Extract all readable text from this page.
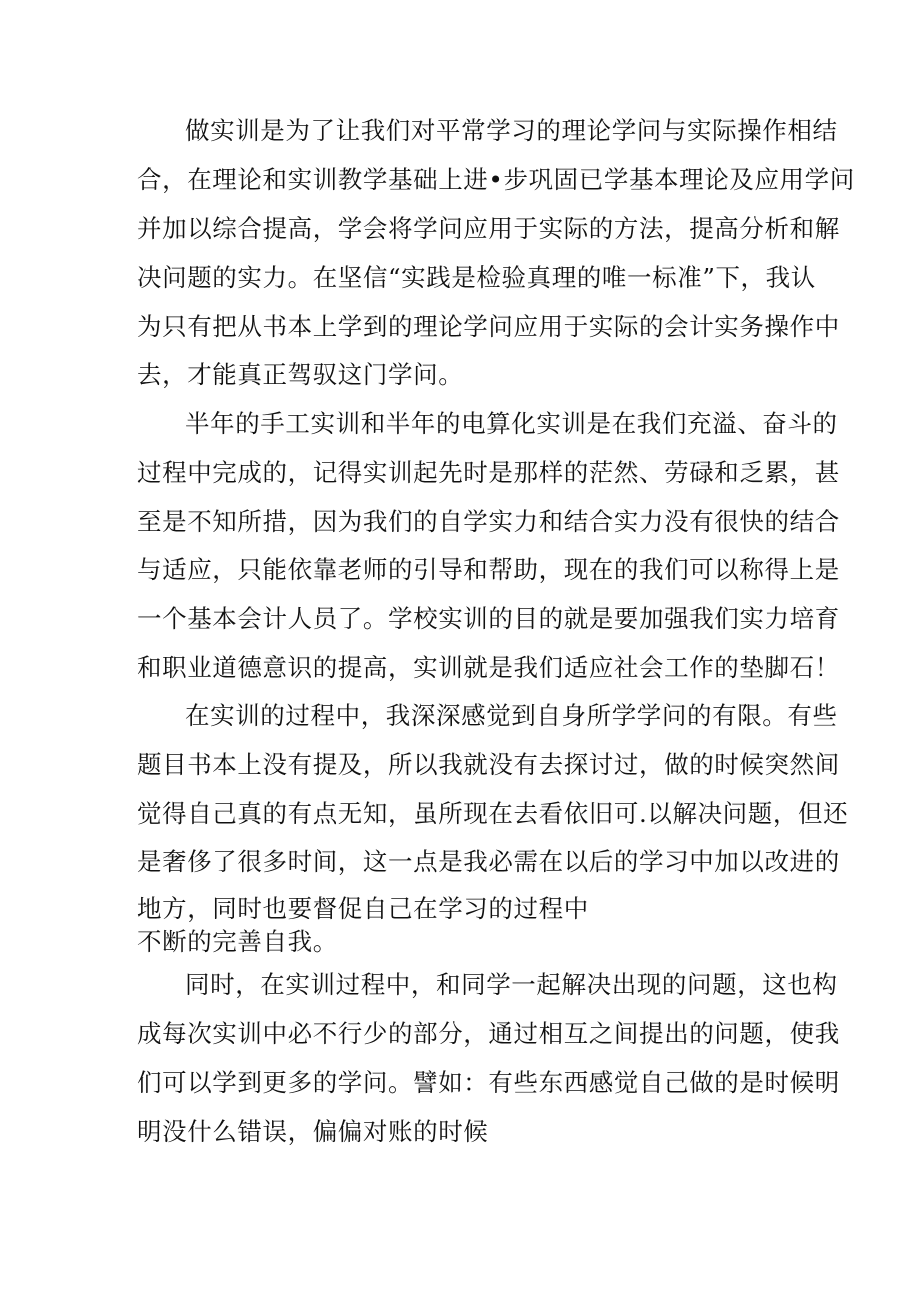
做实训是为了让我们对平常学习的理论学问与实际操作相结
合，在理论和实训教学基础上进•步巩固已学基本理论及应用学问
并加以综合提高，学会将学问应用于实际的方法，提高分析和解
决问题的实力。在坚信“实践是检验真理的唯一标准”下，我认
为只有把从书本上学到的理论学问应用于实际的会计实务操作中
去，才能真正驾驭这门学问。
半年的手工实训和半年的电算化实训是在我们充溢、奋斗的
过程中完成的，记得实训起先时是那样的茫然、劳碌和乏累，甚
至是不知所措，因为我们的自学实力和结合实力没有很快的结合
与适应，只能依靠老师的引导和帮助，现在的我们可以称得上是
一个基本会计人员了。学校实训的目的就是要加强我们实力培育
和职业道德意识的提高，实训就是我们适应社会工作的垫脚石！
在实训的过程中，我深深感觉到自身所学学问的有限。有些
题目书本上没有提及，所以我就没有去探讨过，做的时候突然间
觉得自己真的有点无知，虽所现在去看依旧可.以解决问题，但还
是奢侈了很多时间，这一点是我必需在以后的学习中加以改进的
地方，同时也要督促自己在学习的过程中
不断的完善自我。
同时，在实训过程中，和同学一起解决出现的问题，这也构
成每次实训中必不行少的部分，通过相互之间提出的问题，使我
们可以学到更多的学问。譬如：有些东西感觉自己做的是时候明
明没什么错误，偏偏对账的时候
